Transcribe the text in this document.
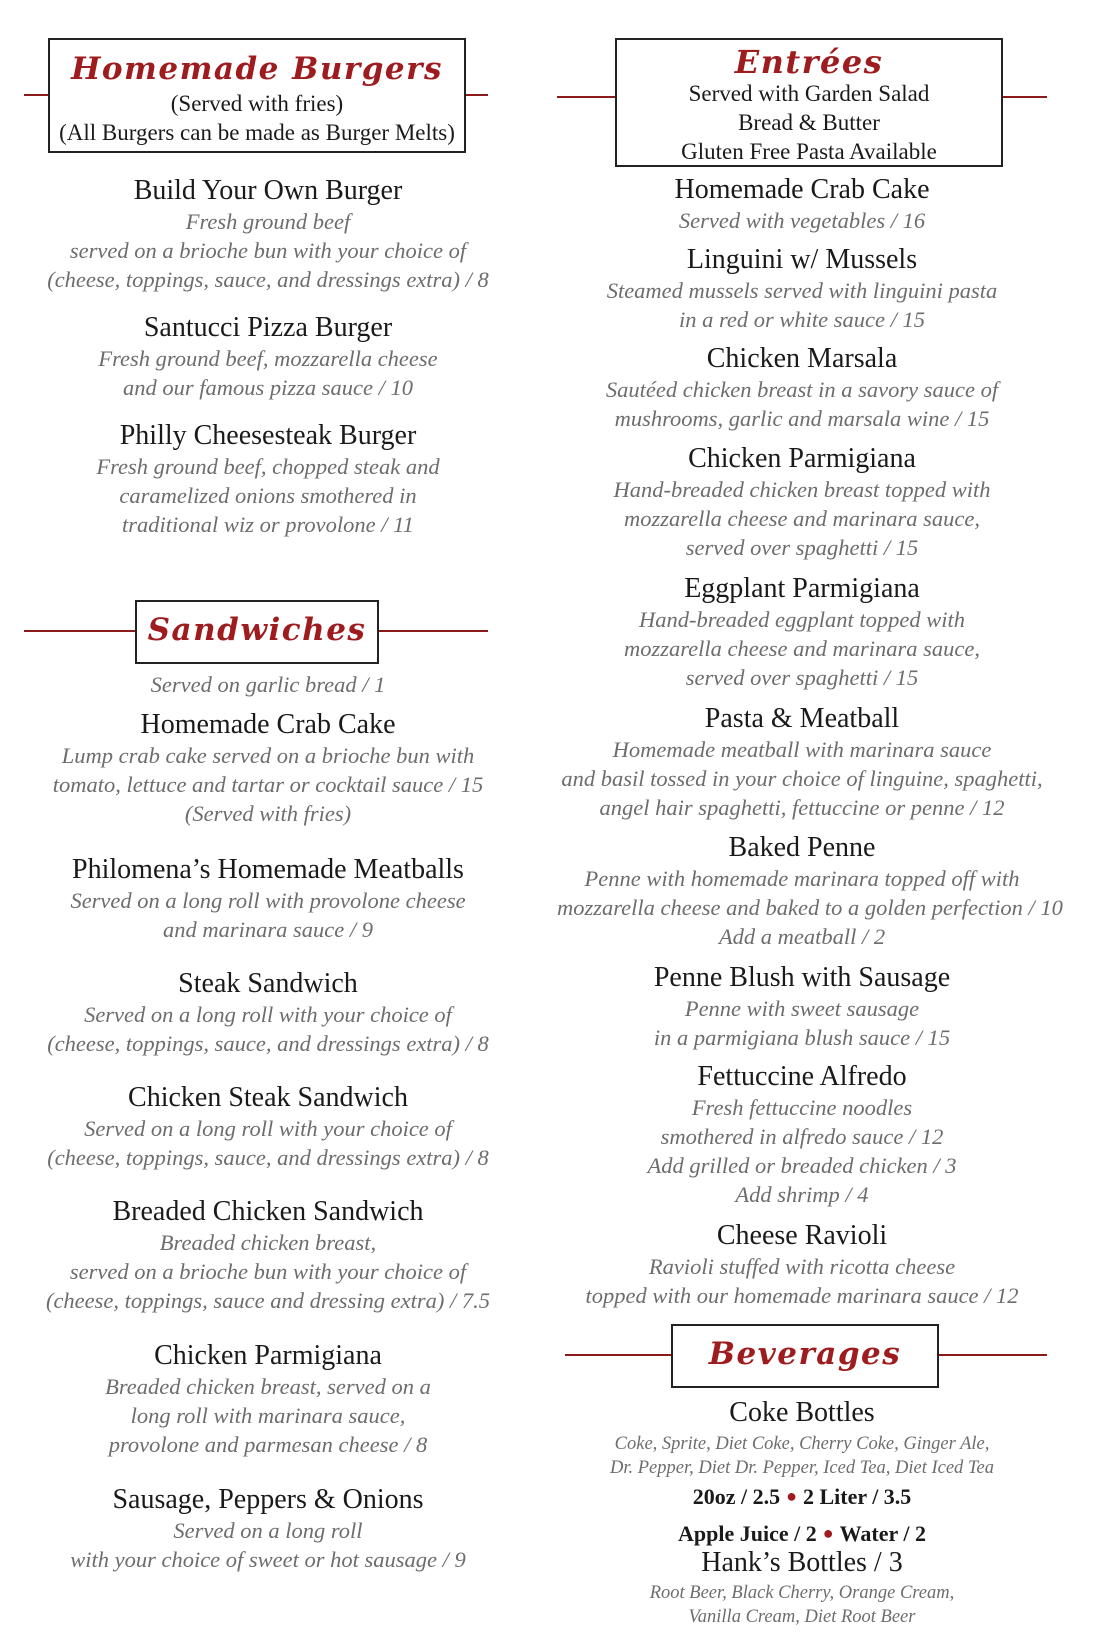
Homemade Burgers
(Served with fries)
(All Burgers can be made as Burger Melts)
Build Your Own Burger
Fresh ground beef
served on a brioche bun with your choice of
(cheese, toppings, sauce, and dressings extra) / 8
Santucci Pizza Burger
Fresh ground beef, mozzarella cheese
and our famous pizza sauce / 10
Philly Cheesesteak Burger
Fresh ground beef, chopped steak and
caramelized onions smothered in
traditional wiz or provolone / 11
Sandwiches
Served on garlic bread / 1
Homemade Crab Cake
Lump crab cake served on a brioche bun with
tomato, lettuce and tartar or cocktail sauce / 15
(Served with fries)
Philomena’s Homemade Meatballs
Served on a long roll with provolone cheese
and marinara sauce / 9
Steak Sandwich
Served on a long roll with your choice of
(cheese, toppings, sauce, and dressings extra) / 8
Chicken Steak Sandwich
Served on a long roll with your choice of
(cheese, toppings, sauce, and dressings extra) / 8
Breaded Chicken Sandwich
Breaded chicken breast,
served on a brioche bun with your choice of
(cheese, toppings, sauce and dressing extra) / 7.5
Chicken Parmigiana
Breaded chicken breast, served on a
long roll with marinara sauce,
provolone and parmesan cheese / 8
Sausage, Peppers & Onions
Served on a long roll
with your choice of sweet or hot sausage / 9
Entrées
Served with Garden Salad
Bread & Butter
Gluten Free Pasta Available
Homemade Crab Cake
Served with vegetables / 16
Linguini w/ Mussels
Steamed mussels served with linguini pasta
in a red or white sauce / 15
Chicken Marsala
Sautéed chicken breast in a savory sauce of
mushrooms, garlic and marsala wine / 15
Chicken Parmigiana
Hand-breaded chicken breast topped with
mozzarella cheese and marinara sauce,
served over spaghetti / 15
Eggplant Parmigiana
Hand-breaded eggplant topped with
mozzarella cheese and marinara sauce,
served over spaghetti / 15
Pasta & Meatball
Homemade meatball with marinara sauce
and basil tossed in your choice of linguine, spaghetti,
angel hair spaghetti, fettuccine or penne / 12
Baked Penne
Penne with homemade marinara topped off with
mozzarella cheese and baked to a golden perfection / 10
Add a meatball / 2
Penne Blush with Sausage
Penne with sweet sausage
in a parmigiana blush sauce / 15
Fettuccine Alfredo
Fresh fettuccine noodles
smothered in alfredo sauce / 12
Add grilled or breaded chicken / 3
Add shrimp / 4
Cheese Ravioli
Ravioli stuffed with ricotta cheese
topped with our homemade marinara sauce / 12
Beverages
Coke Bottles
Coke, Sprite, Diet Coke, Cherry Coke, Ginger Ale,
Dr. Pepper, Diet Dr. Pepper, Iced Tea, Diet Iced Tea
20oz / 2.5 ● 2 Liter / 3.5
Apple Juice / 2 ● Water / 2
Hank’s Bottles / 3
Root Beer, Black Cherry, Orange Cream,
Vanilla Cream, Diet Root Beer
